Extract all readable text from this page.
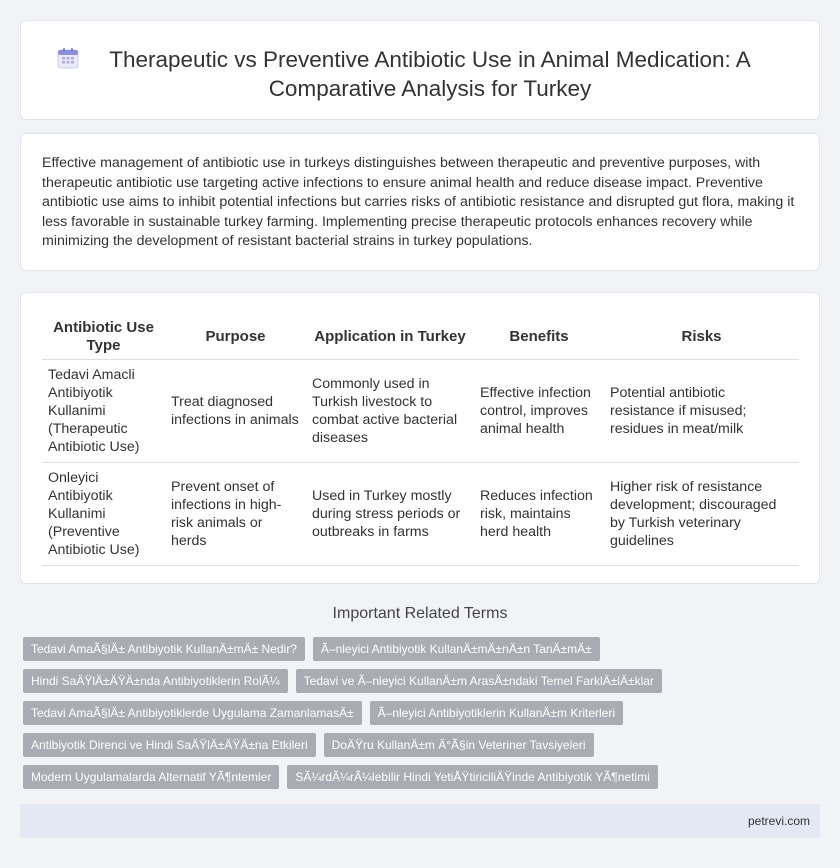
Therapeutic vs Preventive Antibiotic Use in Animal Medication: A Comparative Analysis for Turkey

Effective management of antibiotic use in turkeys distinguishes between therapeutic and preventive purposes, with therapeutic antibiotic use targeting active infections to ensure animal health and reduce disease impact. Preventive antibiotic use aims to inhibit potential infections but carries risks of antibiotic resistance and disrupted gut flora, making it less favorable in sustainable turkey farming. Implementing precise therapeutic protocols enhances recovery while minimizing the development of resistant bacterial strains in turkey populations.

Antibiotic Use Type	Purpose	Application in Turkey	Benefits	Risks
Tedavi Amacli Antibiyotik Kullanimi (Therapeutic Antibiotic Use)	Treat diagnosed infections in animals	Commonly used in Turkish livestock to combat active bacterial diseases	Effective infection control, improves animal health	Potential antibiotic resistance if misused; residues in meat/milk
Onleyici Antibiyotik Kullanimi (Preventive Antibiotic Use)	Prevent onset of infections in high-risk animals or herds	Used in Turkey mostly during stress periods or outbreaks in farms	Reduces infection risk, maintains herd health	Higher risk of resistance development; discouraged by Turkish veterinary guidelines
Important Related Terms
Tedavi AmaÃ§lÄ± Antibiyotik KullanÄ±mÄ± Nedir?	Ã–nleyici Antibiyotik KullanÄ±mÄ±nÄ±n TanÄ±mÄ±
Hindi SaÄŸlÄ±ÄŸÄ±nda Antibiyotiklerin RolÃ¼	Tedavi ve Ã–nleyici KullanÄ±m ArasÄ±ndaki Temel FarklÄ±lÄ±klar
Tedavi AmaÃ§lÄ± Antibiyotiklerde Uygulama ZamanlamasÄ±	Ã–nleyici Antibiyotiklerin KullanÄ±m Kriterleri
Antibiyotik Direnci ve Hindi SaÄŸlÄ±ÄŸÄ±na Etkileri	DoÄŸru KullanÄ±m Ä°Ã§in Veteriner Tavsiyeleri
Modern Uygulamalarda Alternatif YÃ¶ntemler	SÃ¼rdÃ¼rÃ¼lebilir Hindi YetiÅŸtiriciliÄŸinde Antibiyotik YÃ¶netimi
petrevi.com
